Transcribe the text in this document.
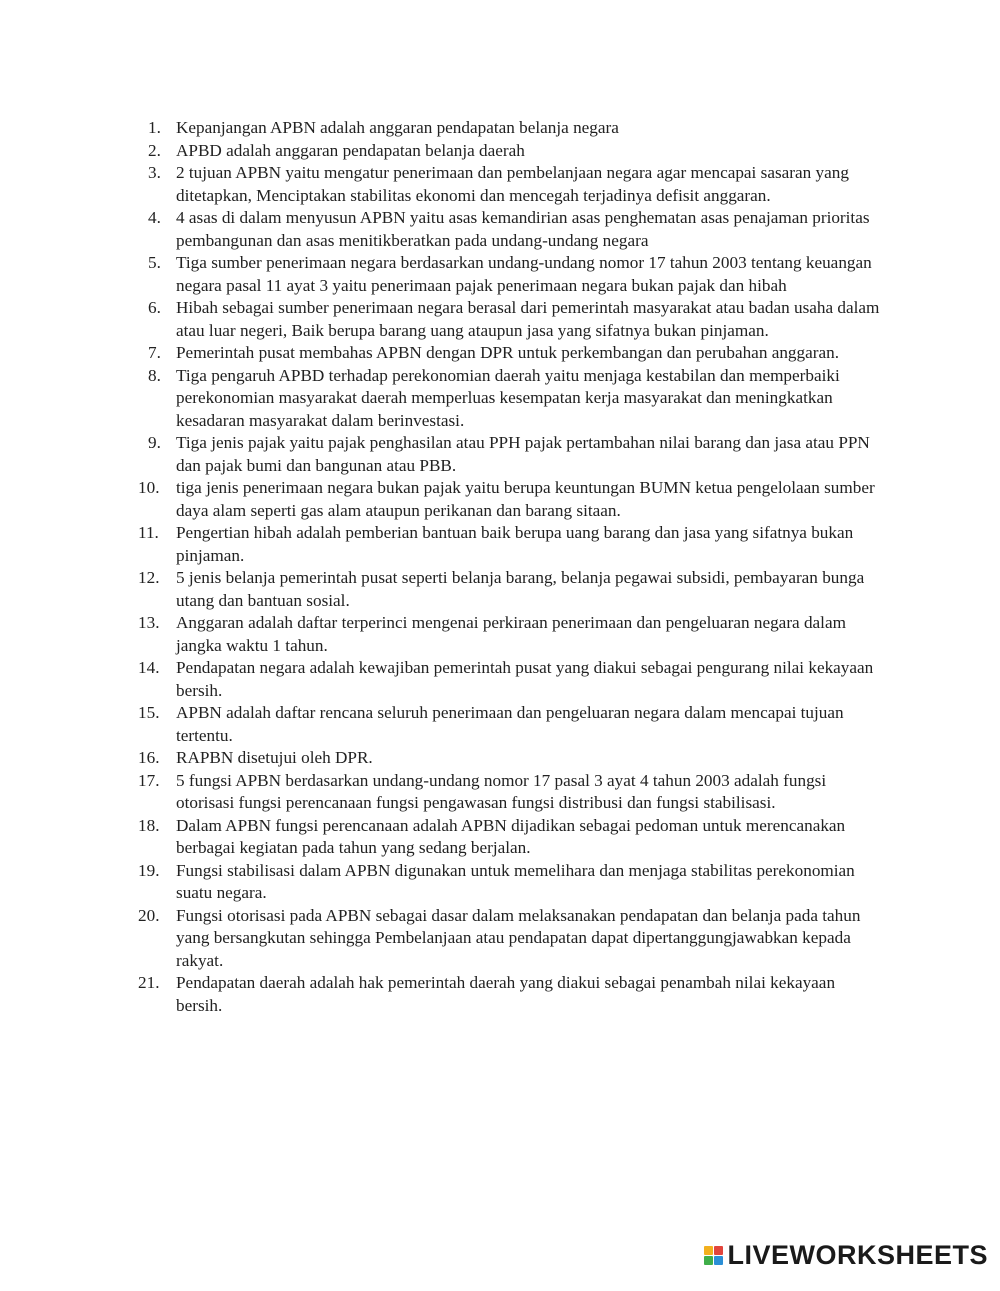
1. Kepanjangan APBN adalah anggaran pendapatan belanja negara
2. APBD adalah anggaran pendapatan belanja daerah
3. 2 tujuan APBN yaitu mengatur penerimaan dan pembelanjaan negara agar mencapai sasaran yang ditetapkan, Menciptakan stabilitas ekonomi dan mencegah terjadinya defisit anggaran.
4. 4 asas di dalam menyusun APBN yaitu asas kemandirian asas penghematan asas penajaman prioritas pembangunan dan asas menitikberatkan pada undang-undang negara
5. Tiga sumber penerimaan negara berdasarkan undang-undang nomor 17 tahun 2003 tentang keuangan negara pasal 11 ayat 3 yaitu penerimaan pajak penerimaan negara bukan pajak dan hibah
6. Hibah sebagai sumber penerimaan negara berasal dari pemerintah masyarakat atau badan usaha dalam atau luar negeri, Baik berupa barang uang ataupun jasa yang sifatnya bukan pinjaman.
7. Pemerintah pusat membahas APBN dengan DPR untuk perkembangan dan perubahan anggaran.
8. Tiga pengaruh APBD terhadap perekonomian daerah yaitu menjaga kestabilan dan memperbaiki perekonomian masyarakat daerah memperluas kesempatan kerja masyarakat dan meningkatkan kesadaran masyarakat dalam berinvestasi.
9. Tiga jenis pajak yaitu pajak penghasilan atau PPH pajak pertambahan nilai barang dan jasa atau PPN dan pajak bumi dan bangunan atau PBB.
10. tiga jenis penerimaan negara bukan pajak yaitu berupa keuntungan BUMN ketua pengelolaan sumber daya alam seperti gas alam ataupun perikanan dan barang sitaan.
11. Pengertian hibah adalah pemberian bantuan baik berupa uang barang dan jasa yang sifatnya bukan pinjaman.
12. 5 jenis belanja pemerintah pusat seperti belanja barang, belanja pegawai subsidi, pembayaran bunga utang dan bantuan sosial.
13. Anggaran adalah daftar terperinci mengenai perkiraan penerimaan dan pengeluaran negara dalam jangka waktu 1 tahun.
14. Pendapatan negara adalah kewajiban pemerintah pusat yang diakui sebagai pengurang nilai kekayaan bersih.
15. APBN adalah daftar rencana seluruh penerimaan dan pengeluaran negara dalam mencapai tujuan tertentu.
16. RAPBN disetujui oleh DPR.
17. 5 fungsi APBN berdasarkan undang-undang nomor 17 pasal 3 ayat 4 tahun 2003 adalah fungsi otorisasi fungsi perencanaan fungsi pengawasan fungsi distribusi dan fungsi stabilisasi.
18. Dalam APBN fungsi perencanaan adalah APBN dijadikan sebagai pedoman untuk merencanakan berbagai kegiatan pada tahun yang sedang berjalan.
19. Fungsi stabilisasi dalam APBN digunakan untuk memelihara dan menjaga stabilitas perekonomian suatu negara.
20. Fungsi otorisasi pada APBN sebagai dasar dalam melaksanakan pendapatan dan belanja pada tahun yang bersangkutan sehingga Pembelanjaan atau pendapatan dapat dipertanggungjawabkan kepada rakyat.
21. Pendapatan daerah adalah hak pemerintah daerah yang diakui sebagai penambah nilai kekayaan bersih.
LIVEWORKSHEETS
